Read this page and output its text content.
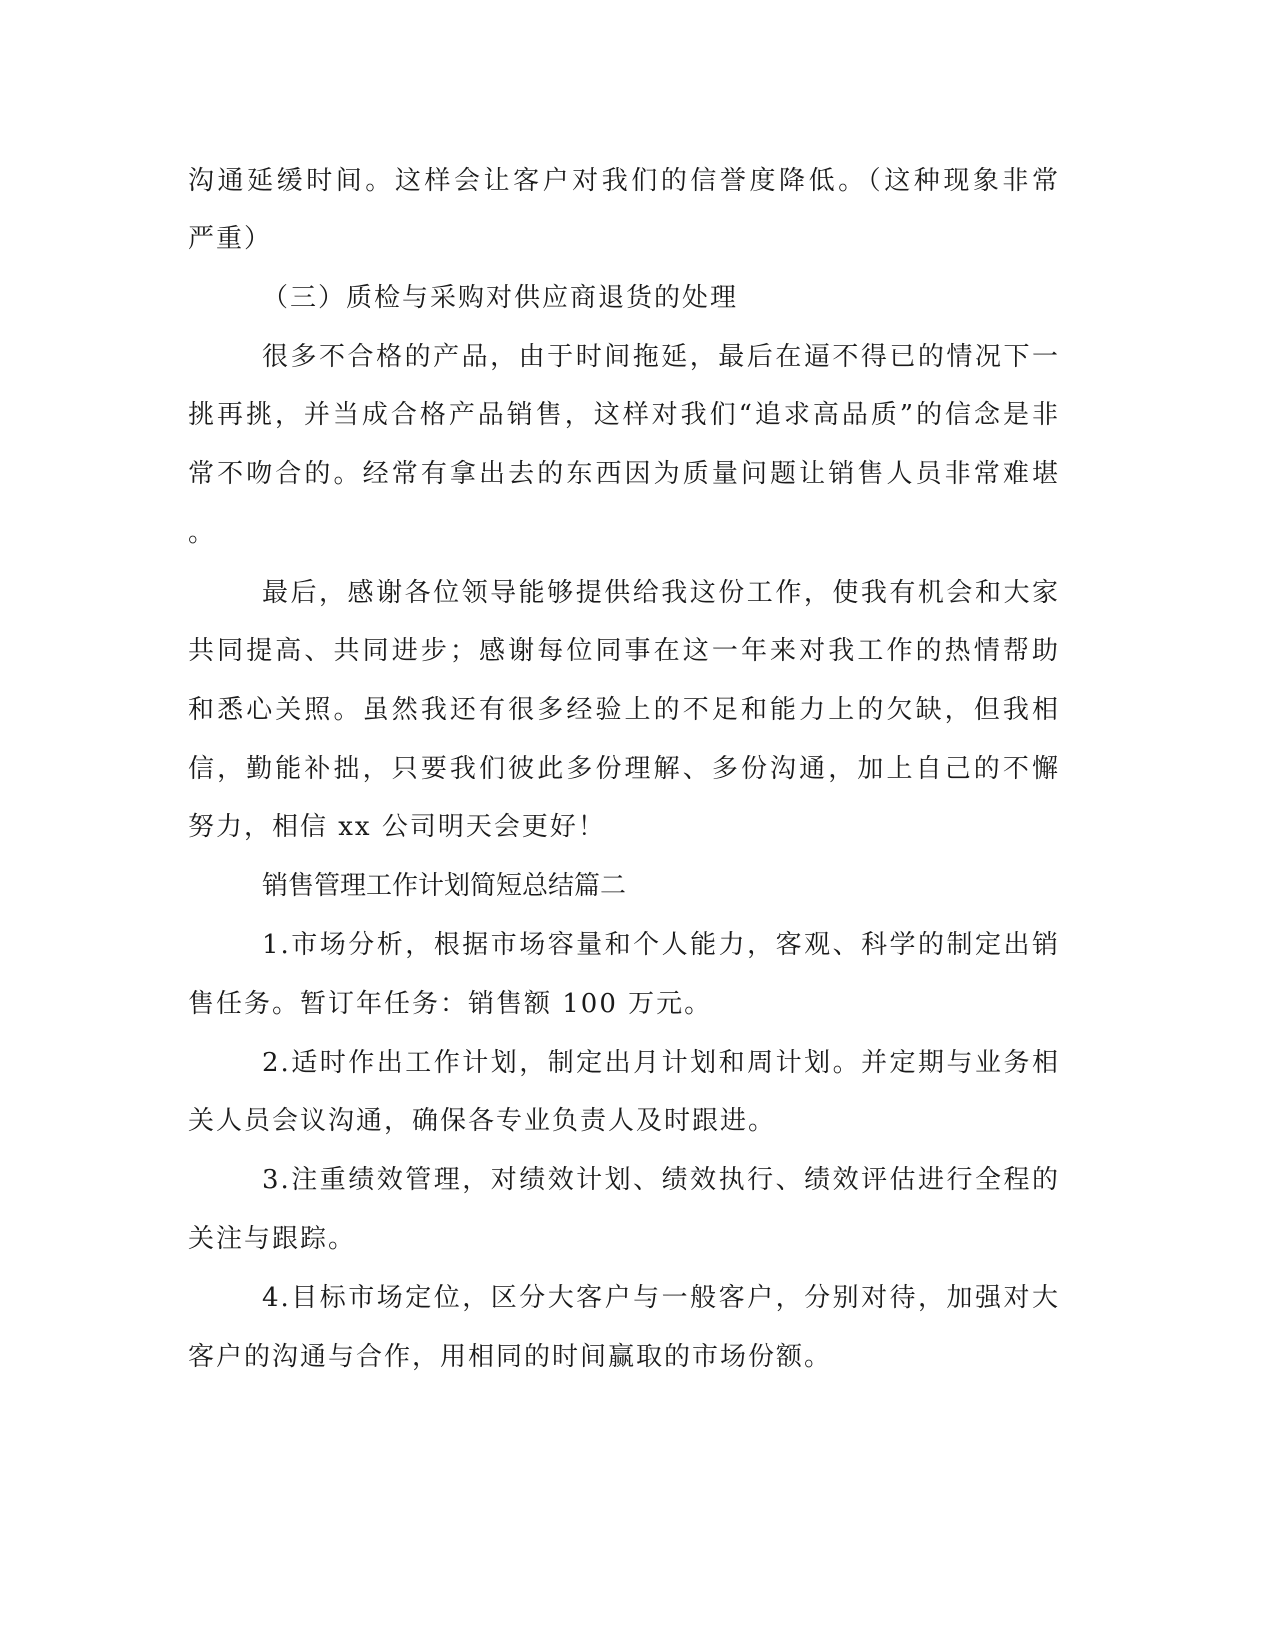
沟通延缓时间。这样会让客户对我们的信誉度降低。（这种现象非常

严重）

（三）质检与采购对供应商退货的处理

很多不合格的产品，由于时间拖延，最后在逼不得已的情况下一

挑再挑，并当成合格产品销售，这样对我们“追求高品质”的信念是非

常不吻合的。经常有拿出去的东西因为质量问题让销售人员非常难堪

。

最后，感谢各位领导能够提供给我这份工作，使我有机会和大家

共同提高、共同进步；感谢每位同事在这一年来对我工作的热情帮助

和悉心关照。虽然我还有很多经验上的不足和能力上的欠缺，但我相

信，勤能补拙，只要我们彼此多份理解、多份沟通，加上自己的不懈

努力，相信 xx 公司明天会更好！

销售管理工作计划简短总结篇二

1.市场分析，根据市场容量和个人能力，客观、科学的制定出销

售任务。暂订年任务：销售额 100 万元。

2.适时作出工作计划，制定出月计划和周计划。并定期与业务相

关人员会议沟通，确保各专业负责人及时跟进。

3.注重绩效管理，对绩效计划、绩效执行、绩效评估进行全程的

关注与跟踪。

4.目标市场定位，区分大客户与一般客户，分别对待，加强对大

客户的沟通与合作，用相同的时间赢取的市场份额。
